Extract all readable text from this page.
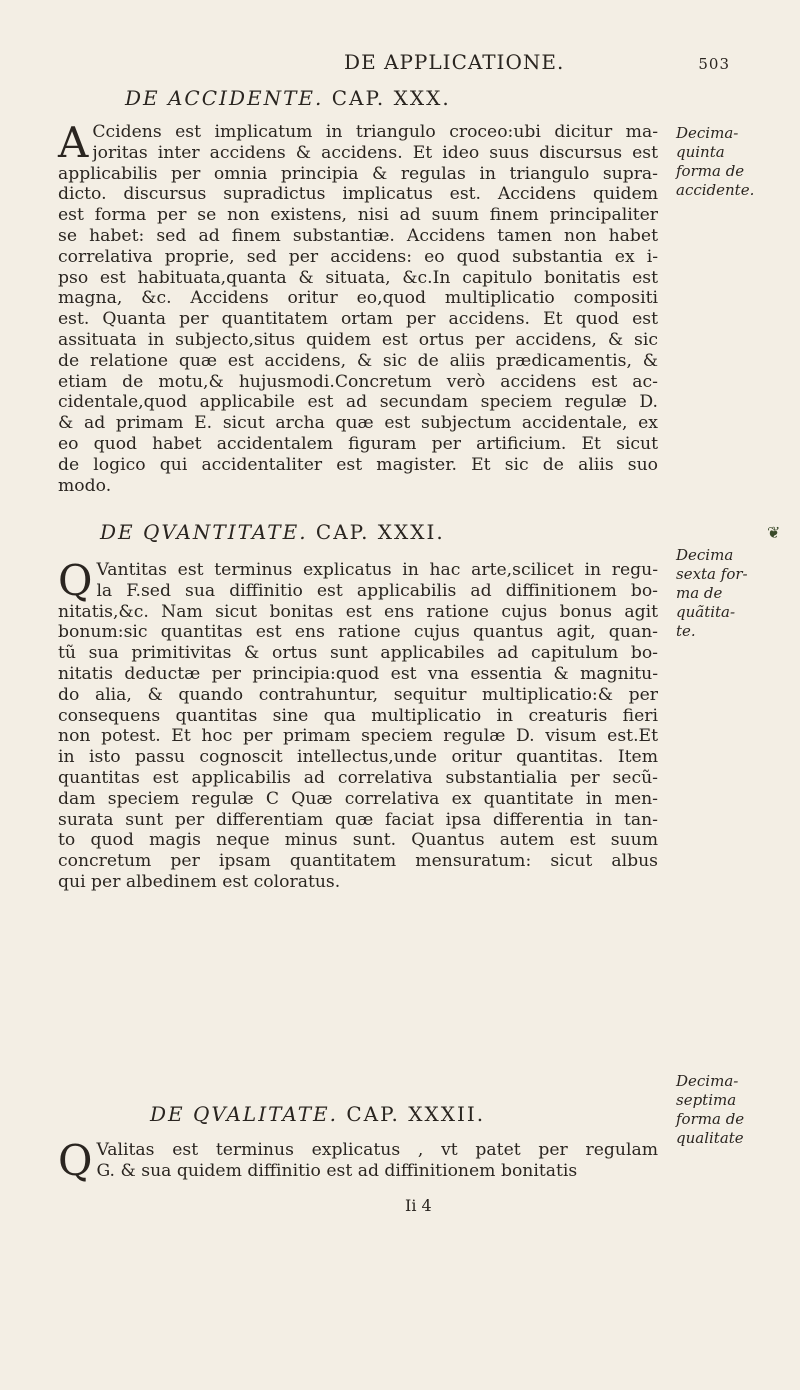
DE APPLICATIONE.	503
DE ACCIDENTE. CAP. XXX.
A Ccidens est implicatum in triangulo croceo:ubi dicitur ma-
joritas inter accidens & accidens. Et ideo suus discursus est
applicabilis per omnia principia & regulas in triangulo supra-
dicto. discursus supradictus implicatus est. Accidens quidem
est forma per se non existens, nisi ad suum finem principaliter
se habet: sed ad finem substantiæ. Accidens tamen non habet
correlativa proprie, sed per accidens: eo quod substantia ex i-
pso est habituata,quanta & situata, &c.In capitulo bonitatis est
magna, &c. Accidens oritur eo,quod multiplicatio compositi
est. Quanta per quantitatem ortam per accidens. Et quod est
assituata in subjecto,situs quidem est ortus per accidens, & sic
de relatione quæ est accidens, & sic de aliis prædicamentis, &
etiam de motu,& hujusmodi.Concretum verò accidens est ac-
cidentale,quod applicabile est ad secundam speciem regulæ D.
& ad primam E. sicut archa quæ est subjectum accidentale, ex
eo quod habet accidentalem figuram per artificium. Et sicut
de logico qui accidentaliter est magister. Et sic de aliis suo
modo.
Decima-
quinta
forma de
accidente.
DE QVANTITATE. CAP. XXXI.
Q Vantitas est terminus explicatus in hac arte,scilicet in regu-
la F.sed sua diffinitio est applicabilis ad diffinitionem bo-
nitatis,&c. Nam sicut bonitas est ens ratione cujus bonus agit
bonum:sic quantitas est ens ratione cujus quantus agit, quan-
tũ sua primitivitas & ortus sunt applicabiles ad capitulum bo-
nitatis deductæ per principia:quod est vna essentia & magnitu-
do alia, & quando contrahuntur, sequitur multiplicatio:& per
consequens quantitas sine qua multiplicatio in creaturis fieri
non potest. Et hoc per primam speciem regulæ D. visum est.Et
in isto passu cognoscit intellectus,unde oritur quantitas. Item
quantitas est applicabilis ad correlativa substantialia per secũ-
dam speciem regulæ C Quæ correlativa ex quantitate in men-
surata sunt per differentiam quæ faciat ipsa differentia in tan-
to quod magis neque minus sunt. Quantus autem est suum
concretum per ipsam quantitatem mensuratum: sicut albus
qui per albedinem est coloratus.
Decima
sexta for-
ma de
quãtita-
te.
DE QVALITATE. CAP. XXXII.
Q Valitas est terminus explicatus , vt patet per regulam
G. & sua quidem diffinitio est ad diffinitionem bonitatis
Decima-
septima
forma de
qualitate
Ii 4
❦
